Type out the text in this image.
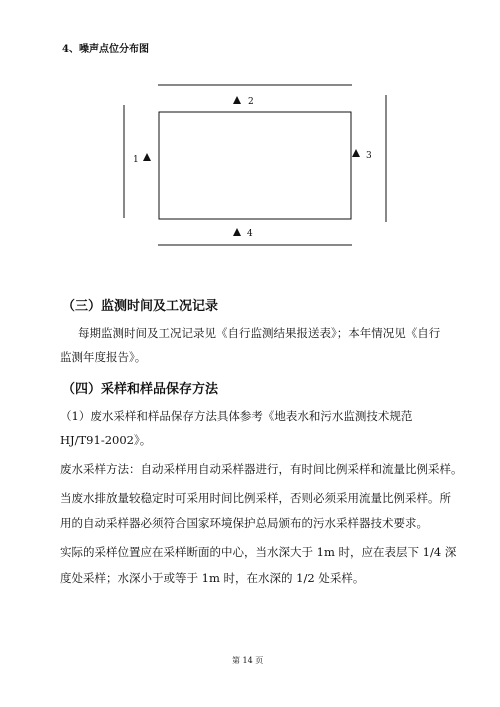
4、噪声点位分布图
1
2
3
4
（三）监测时间及工况记录
每期监测时间及工况记录见《自行监测结果报送表》；本年情况见《自行
监测年度报告》。
（四）采样和样品保存方法
（1）废水采样和样品保存方法具体参考《地表水和污水监测技术规范
HJ/T91-2002》。
废水采样方法：自动采样用自动采样器进行，有时间比例采样和流量比例采样。
当废水排放量较稳定时可采用时间比例采样，否则必须采用流量比例采样。所
用的自动采样器必须符合国家环境保护总局颁布的污水采样器技术要求。
实际的采样位置应在采样断面的中心，当水深大于 1m 时，应在表层下 1/4 深
度处采样；水深小于或等于 1m 时，在水深的 1/2 处采样。
第 14 页
